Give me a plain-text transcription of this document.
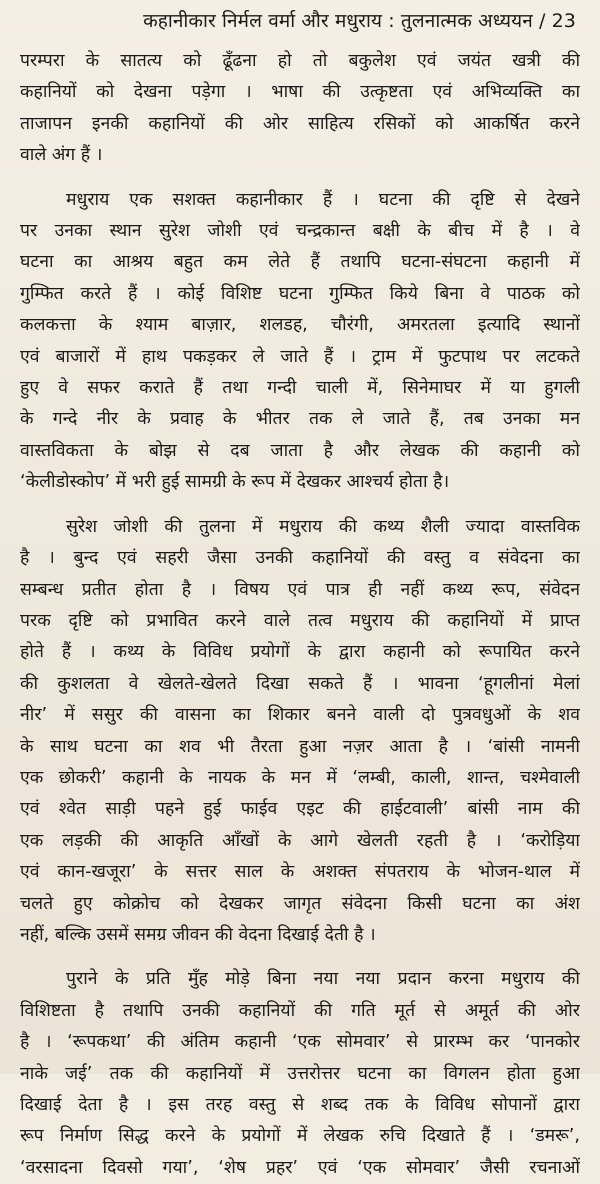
कहानीकार निर्मल वर्मा और मधुराय : तुलनात्मक अध्ययन / 23
परम्परा के सातत्य को ढूँढना हो तो बकुलेश एवं जयंत खत्री की
कहानियों को देखना पड़ेगा । भाषा की उत्कृष्टता एवं अभिव्यक्ति का
ताजापन इनकी कहानियों की ओर साहित्य रसिकों को आकर्षित करने
वाले अंग हैं ।
मधुराय एक सशक्त कहानीकार हैं । घटना की दृष्टि से देखने
पर उनका स्थान सुरेश जोशी एवं चन्द्रकान्त बक्षी के बीच में है । वे
घटना का आश्रय बहुत कम लेते हैं तथापि घटना-संघटना कहानी में
गुम्फित करते हैं । कोई विशिष्ट घटना गुम्फित किये बिना वे पाठक को
कलकत्ता के श्याम बाज़ार, शलडह, चौरंगी, अमरतला इत्यादि स्थानों
एवं बाजारों में हाथ पकड़कर ले जाते हैं । ट्राम में फुटपाथ पर लटकते
हुए वे सफर कराते हैं तथा गन्दी चाली में, सिनेमाघर में या हुगली
के गन्दे नीर के प्रवाह के भीतर तक ले जाते हैं, तब उनका मन
वास्तविकता के बोझ से दब जाता है और लेखक की कहानी को
‘केलीडोस्कोप’ में भरी हुई सामग्री के रूप में देखकर आश्चर्य होता है।
सुरेश जोशी की तुलना में मधुराय की कथ्य शैली ज्यादा वास्तविक
है । बुन्द एवं सहरी जैसा उनकी कहानियों की वस्तु व संवेदना का
सम्बन्ध प्रतीत होता है । विषय एवं पात्र ही नहीं कथ्य रूप, संवेदन
परक दृष्टि को प्रभावित करने वाले तत्व मधुराय की कहानियों में प्राप्त
होते हैं । कथ्य के विविध प्रयोगों के द्वारा कहानी को रूपायित करने
की कुशलता वे खेलते-खेलते दिखा सकते हैं । भावना ‘हूगलीनां मेलां
नीर’ में ससुर की वासना का शिकार बनने वाली दो पुत्रवधुओं के शव
के साथ घटना का शव भी तैरता हुआ नज़र आता है । ‘बांसी नामनी
एक छोकरी’ कहानी के नायक के मन में ‘लम्बी, काली, शान्त, चश्मेवाली
एवं श्वेत साड़ी पहने हुई फाईव एइट की हाईटवाली’ बांसी नाम की
एक लड़की की आकृति आँखों के आगे खेलती रहती है । ‘करोड़िया
एवं कान-खजूरा’ के सत्तर साल के अशक्त संपतराय के भोजन-थाल में
चलते हुए कोक्रोच को देखकर जागृत संवेदना किसी घटना का अंश
नहीं, बल्कि उसमें समग्र जीवन की वेदना दिखाई देती है ।
पुराने के प्रति मुँह मोड़े बिना नया नया प्रदान करना मधुराय की
विशिष्टता है तथापि उनकी कहानियों की गति मूर्त से अमूर्त की ओर
है । ‘रूपकथा’ की अंतिम कहानी ‘एक सोमवार’ से प्रारम्भ कर ‘पानकोर
नाके जई’ तक की कहानियों में उत्तरोत्तर घटना का विगलन होता हुआ
दिखाई देता है । इस तरह वस्तु से शब्द तक के विविध सोपानों द्वारा
रूप निर्माण सिद्ध करने के प्रयोगों में लेखक रुचि दिखाते हैं । ‘डमरू’,
‘वरसादना दिवसो गया’, ‘शेष प्रहर’ एवं ‘एक सोमवार’ जैसी रचनाओं
